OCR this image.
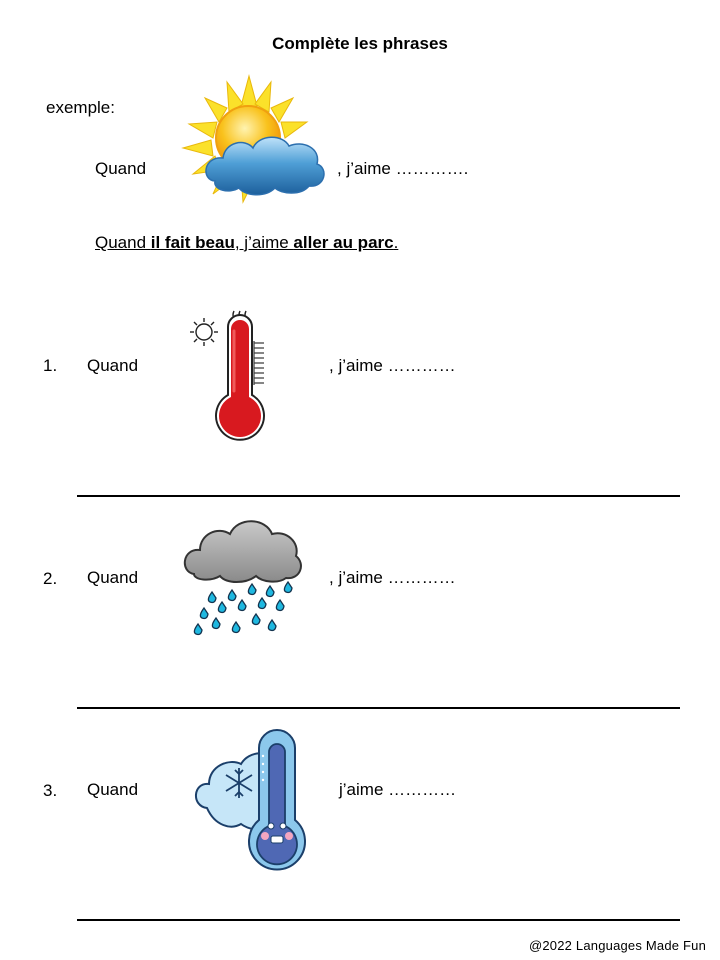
Complète les phrases
exemple:
Quand	, j’aime ………….
Quand il fait beau, j’aime aller au parc.
1. Quand	, j’aime …………
2. Quand	, j’aime …………
3. Quand	j’aime …………
@2022 Languages Made Fun
